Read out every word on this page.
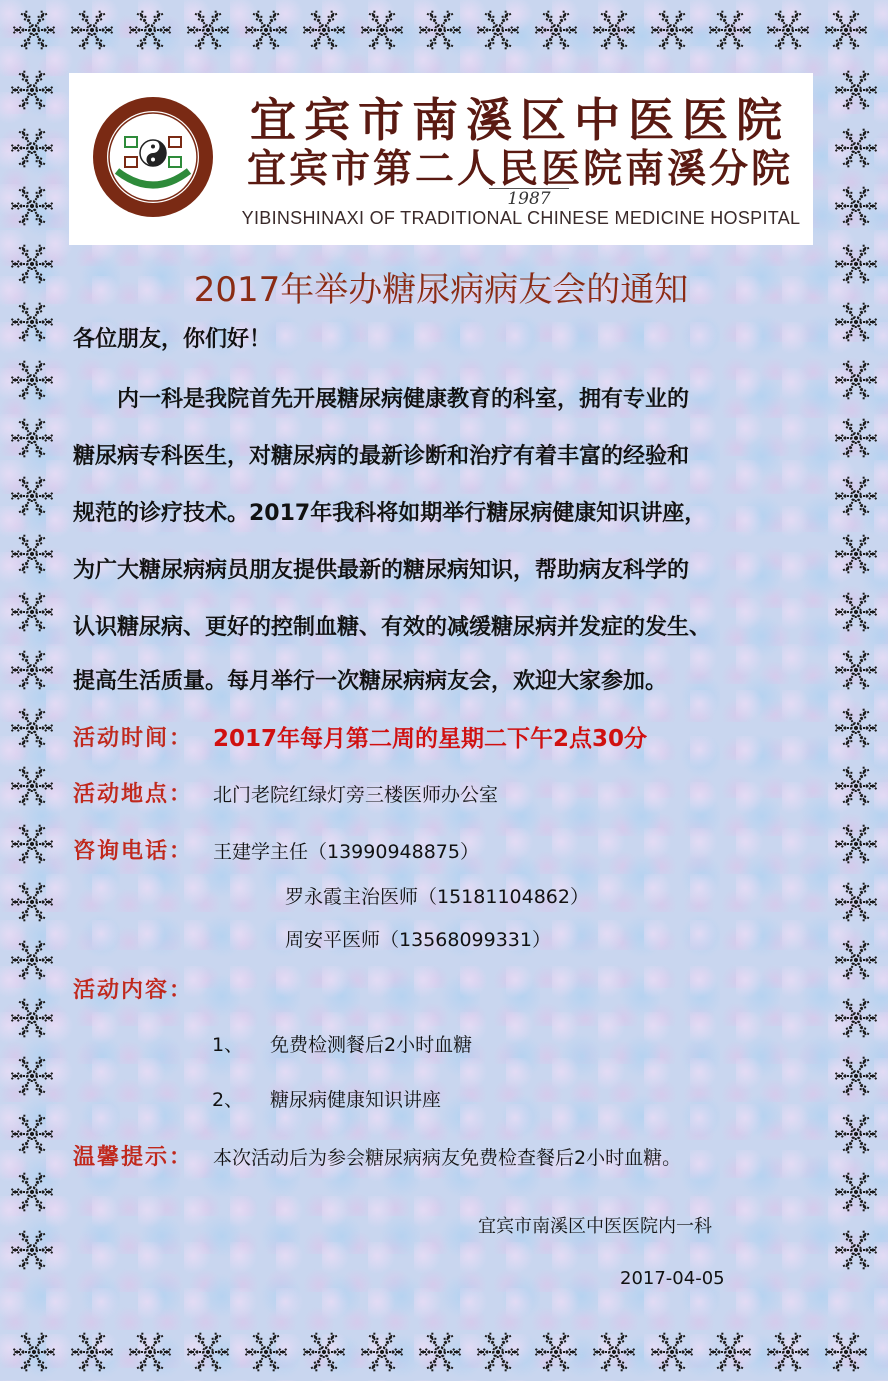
宜宾市南溪区中医医院
宜宾市第二人民医院南溪分院
1987
YIBINSHINAXI OF TRADITIONAL CHINESE MEDICINE HOSPITAL
2017年举办糖尿病病友会的通知
各位朋友，你们好！
　　内一科是我院首先开展糖尿病健康教育的科室，拥有专业的
糖尿病专科医生，对糖尿病的最新诊断和治疗有着丰富的经验和
规范的诊疗技术。2017年我科将如期举行糖尿病健康知识讲座，
为广大糖尿病病员朋友提供最新的糖尿病知识，帮助病友科学的
认识糖尿病、更好的控制血糖、有效的减缓糖尿病并发症的发生、
提高生活质量。每月举行一次糖尿病病友会，欢迎大家参加。
活动时间： 2017年每月第二周的星期二下午2点30分
活动地点： 北门老院红绿灯旁三楼医师办公室
咨询电话： 王建学主任（13990948875）
罗永霞主治医师（15181104862）
周安平医师（13568099331）
活动内容：
1、 免费检测餐后2小时血糖
2、 糖尿病健康知识讲座
温馨提示： 本次活动后为参会糖尿病病友免费检查餐后2小时血糖。
宜宾市南溪区中医医院内一科
2017-04-05
